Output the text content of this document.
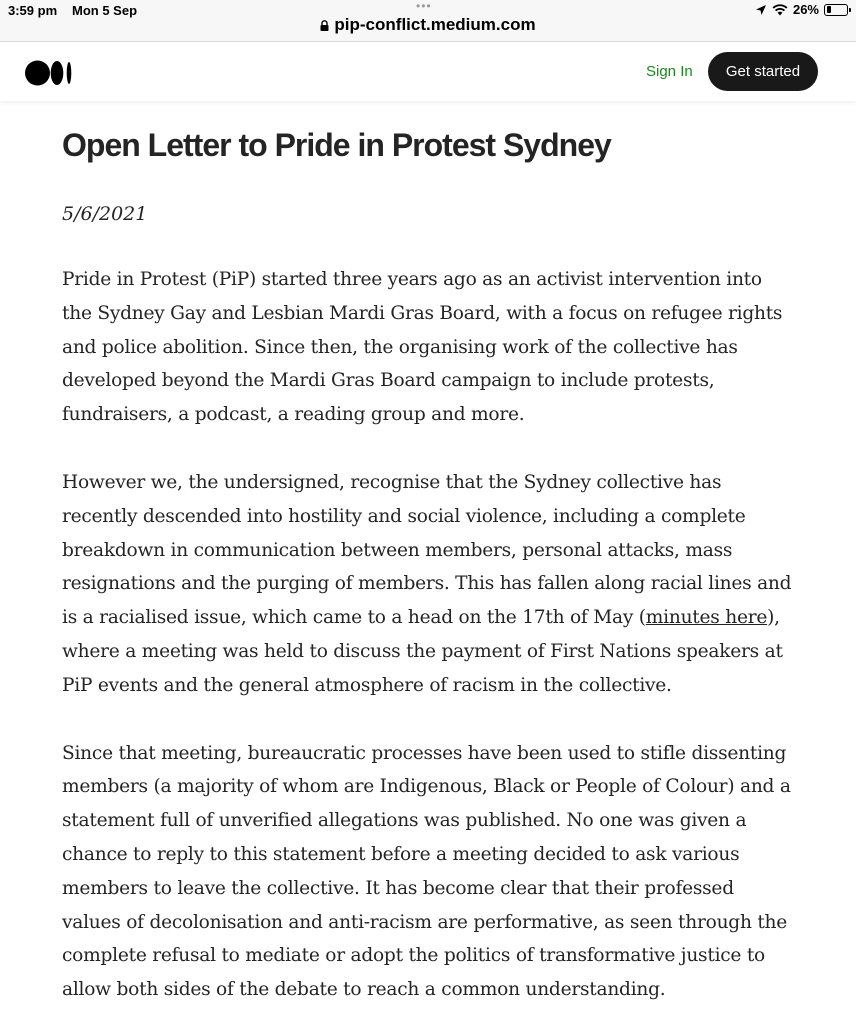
3:59 pm Mon 5 Sep	•••
pip-conflict.medium.com
26%
Sign In	Get started
Open Letter to Pride in Protest Sydney

5/6/2021

Pride in Protest (PiP) started three years ago as an activist intervention into the Sydney Gay and Lesbian Mardi Gras Board, with a focus on refugee rights and police abolition. Since then, the organising work of the collective has developed beyond the Mardi Gras Board campaign to include protests, fundraisers, a podcast, a reading group and more.

However we, the undersigned, recognise that the Sydney collective has recently descended into hostility and social violence, including a complete breakdown in communication between members, personal attacks, mass resignations and the purging of members. This has fallen along racial lines and is a racialised issue, which came to a head on the 17th of May (minutes here), where a meeting was held to discuss the payment of First Nations speakers at PiP events and the general atmosphere of racism in the collective.

Since that meeting, bureaucratic processes have been used to stifle dissenting members (a majority of whom are Indigenous, Black or People of Colour) and a statement full of unverified allegations was published. No one was given a chance to reply to this statement before a meeting decided to ask various members to leave the collective. It has become clear that their professed values of decolonisation and anti-racism are performative, as seen through the complete refusal to mediate or adopt the politics of transformative justice to allow both sides of the debate to reach a common understanding.
